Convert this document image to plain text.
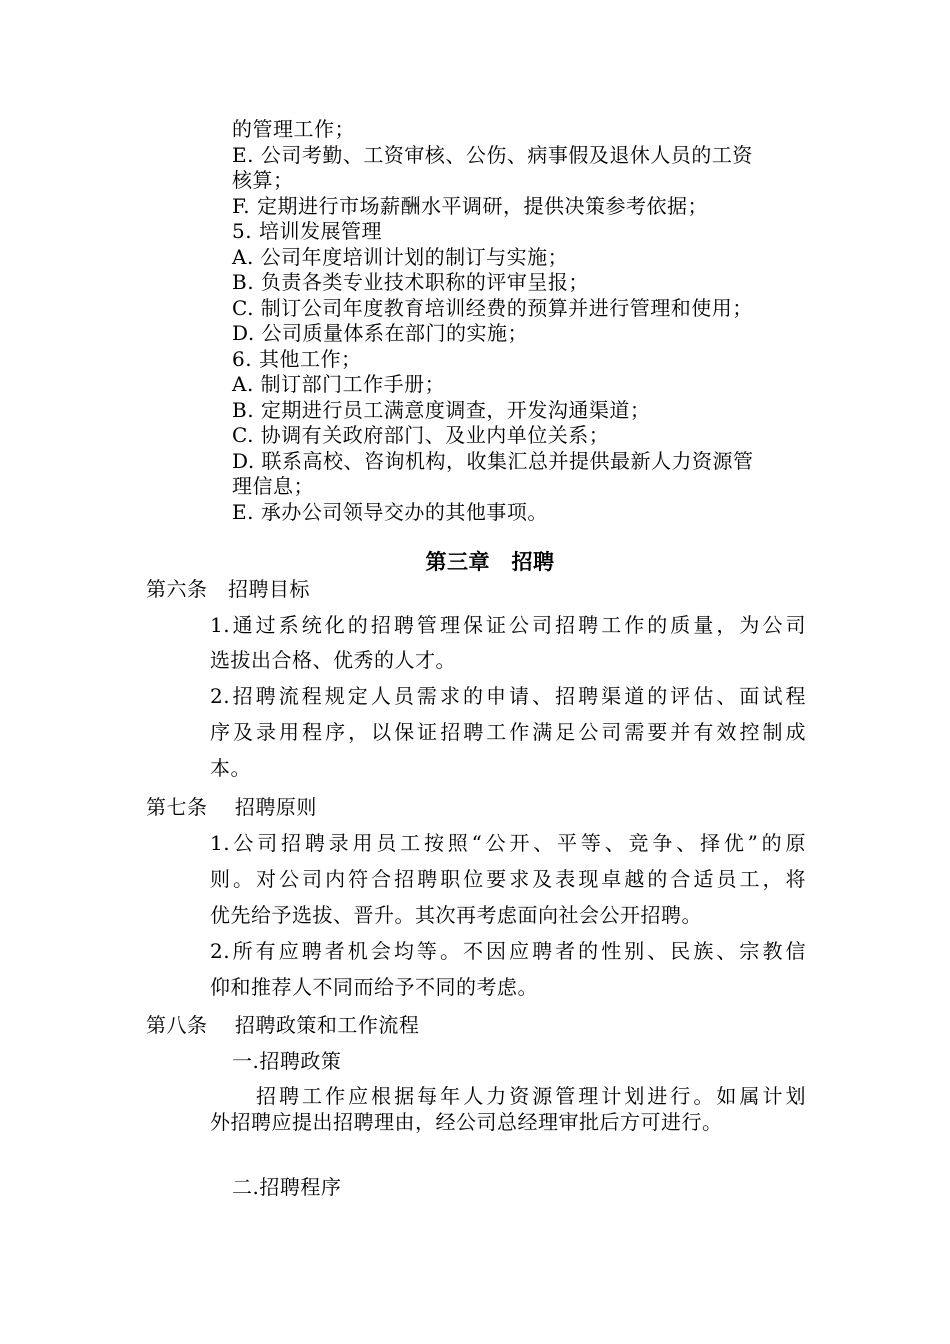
的管理工作；
E. 公司考勤、工资审核、公伤、病事假及退休人员的工资
核算；
F. 定期进行市场薪酬水平调研，提供决策参考依据；
5. 培训发展管理
A. 公司年度培训计划的制订与实施；
B. 负责各类专业技术职称的评审呈报；
C. 制订公司年度教育培训经费的预算并进行管理和使用；
D. 公司质量体系在部门的实施；
6. 其他工作；
A. 制订部门工作手册；
B. 定期进行员工满意度调查，开发沟通渠道；
C. 协调有关政府部门、及业内单位关系；
D. 联系高校、咨询机构，收集汇总并提供最新人力资源管
理信息；
E. 承办公司领导交办的其他事项。
第三章　招聘
第六条　招聘目标
1.通过系统化的招聘管理保证公司招聘工作的质量，为公司
选拔出合格、优秀的人才。
2.招聘流程规定人员需求的申请、招聘渠道的评估、面试程
序及录用程序，以保证招聘工作满足公司需要并有效控制成
本。
第七条　 招聘原则
1.公司招聘录用员工按照“公开、平等、竞争、择优”的原
则。对公司内符合招聘职位要求及表现卓越的合适员工，将
优先给予选拔、晋升。其次再考虑面向社会公开招聘。
2.所有应聘者机会均等。不因应聘者的性别、民族、宗教信
仰和推荐人不同而给予不同的考虑。
第八条　 招聘政策和工作流程
一.招聘政策
招聘工作应根据每年人力资源管理计划进行。如属计划
外招聘应提出招聘理由，经公司总经理审批后方可进行。
二.招聘程序
